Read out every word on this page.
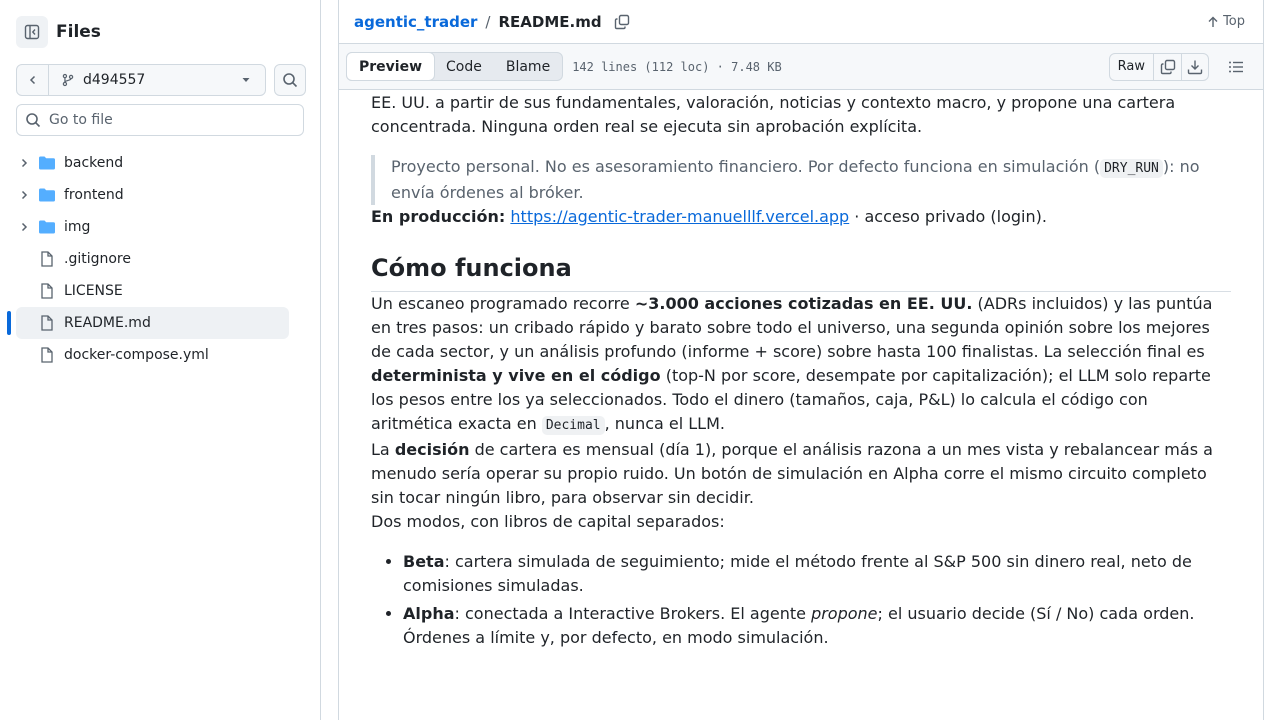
Files
d494557
Go to file
backend
frontend
img
.gitignore
LICENSE
README.md
docker-compose.yml
agentic_trader / README.md	Top
Preview	Code	Blame	142 lines (112 loc) · 7.48 KB	Raw

EE. UU. a partir de sus fundamentales, valoración, noticias y contexto macro, y propone una cartera concentrada. Ninguna orden real se ejecuta sin aprobación explícita.

Proyecto personal. No es asesoramiento financiero. Por defecto funciona en simulación ( DRY_RUN ): no envía órdenes al bróker.

En producción: https://agentic-trader-manuelllf.vercel.app · acceso privado (login).

Cómo funciona

Un escaneo programado recorre ~3.000 acciones cotizadas en EE. UU. (ADRs incluidos) y las puntúa en tres pasos: un cribado rápido y barato sobre todo el universo, una segunda opinión sobre los mejores de cada sector, y un análisis profundo (informe + score) sobre hasta 100 finalistas. La selección final es determinista y vive en el código (top-N por score, desempate por capitalización); el LLM solo reparte los pesos entre los ya seleccionados. Todo el dinero (tamaños, caja, P&L) lo calcula el código con aritmética exacta en Decimal , nunca el LLM.

La decisión de cartera es mensual (día 1), porque el análisis razona a un mes vista y rebalancear más a menudo sería operar su propio ruido. Un botón de simulación en Alpha corre el mismo circuito completo sin tocar ningún libro, para observar sin decidir.

Dos modos, con libros de capital separados:

• Beta: cartera simulada de seguimiento; mide el método frente al S&P 500 sin dinero real, neto de comisiones simuladas.
• Alpha: conectada a Interactive Brokers. El agente propone; el usuario decide (Sí / No) cada orden. Órdenes a límite y, por defecto, en modo simulación.
